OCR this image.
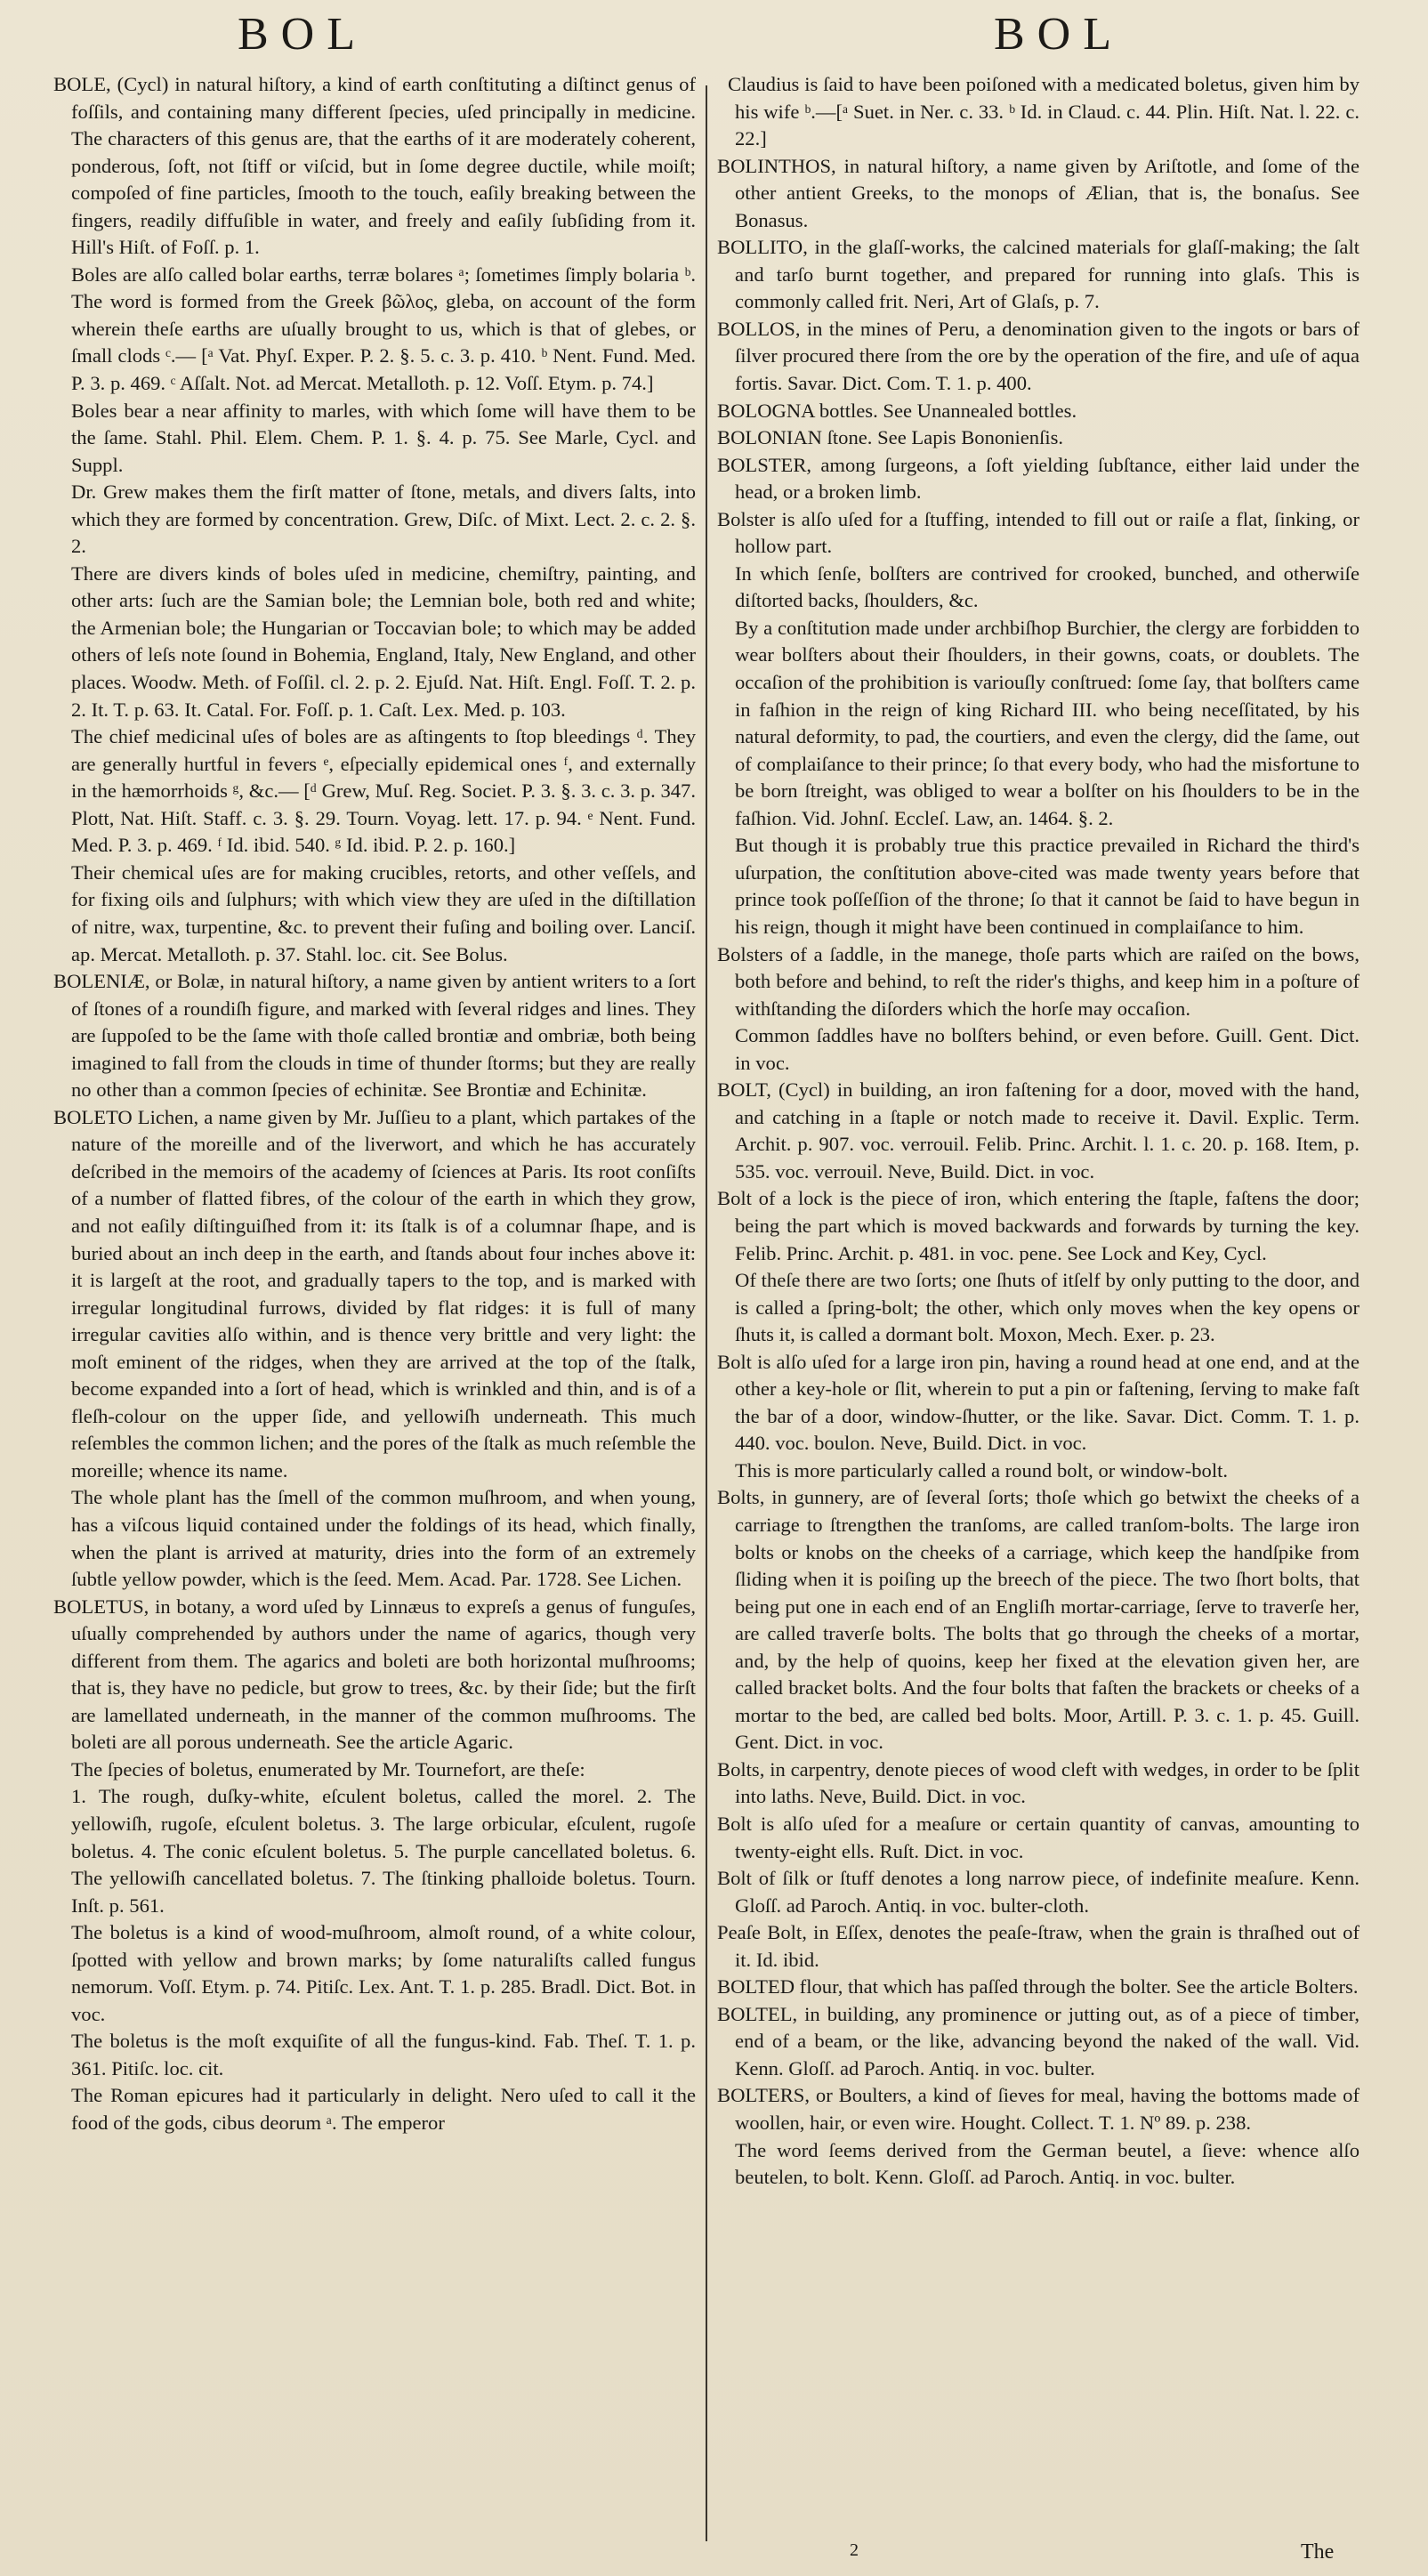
BOL	BOL

BOLE, (Cycl) in natural hiſtory, a kind of earth conſtituting a diſtinct genus of foſſils, and containing many different ſpecies, uſed principally in medicine. The characters of this genus are, that the earths of it are moderately coherent, ponderous, ſoft, not ſtiff or viſcid, but in ſome degree ductile, while moiſt; compoſed of fine particles, ſmooth to the touch, eaſily breaking between the fingers, readily diffuſible in water, and freely and eaſily ſubſiding from it. Hill's Hiſt. of Foſſ. p. 1.

Boles are alſo called bolar earths, terræ bolares ᵃ; ſometimes ſimply bolaria ᵇ. The word is formed from the Greek βῶλος, gleba, on account of the form wherein theſe earths are uſually brought to us, which is that of glebes, or ſmall clods ᶜ.— [ᵃ Vat. Phyſ. Exper. P. 2. §. 5. c. 3. p. 410. ᵇ Nent. Fund. Med. P. 3. p. 469. ᶜ Aſſalt. Not. ad Mercat. Metalloth. p. 12. Voſſ. Etym. p. 74.]

Boles bear a near affinity to marles, with which ſome will have them to be the ſame. Stahl. Phil. Elem. Chem. P. 1. §. 4. p. 75. See Marle, Cycl. and Suppl.

Dr. Grew makes them the firſt matter of ſtone, metals, and divers ſalts, into which they are formed by concentration. Grew, Diſc. of Mixt. Lect. 2. c. 2. §. 2.

There are divers kinds of boles uſed in medicine, chemiſtry, painting, and other arts: ſuch are the Samian bole; the Lemnian bole, both red and white; the Armenian bole; the Hungarian or Toccavian bole; to which may be added others of leſs note ſound in Bohemia, England, Italy, New England, and other places. Woodw. Meth. of Foſſil. cl. 2. p. 2. Ejuſd. Nat. Hiſt. Engl. Foſſ. T. 2. p. 2. It. T. p. 63. It. Catal. For. Foſſ. p. 1. Caſt. Lex. Med. p. 103.

The chief medicinal uſes of boles are as aſtingents to ſtop bleedings ᵈ. They are generally hurtful in fevers ᵉ, eſpecially epidemical ones ᶠ, and externally in the hæmorrhoids ᵍ, &c.— [ᵈ Grew, Muſ. Reg. Societ. P. 3. §. 3. c. 3. p. 347. Plott, Nat. Hiſt. Staff. c. 3. §. 29. Tourn. Voyag. lett. 17. p. 94. ᵉ Nent. Fund. Med. P. 3. p. 469. ᶠ Id. ibid. 540. ᵍ Id. ibid. P. 2. p. 160.]

Their chemical uſes are for making crucibles, retorts, and other veſſels, and for fixing oils and ſulphurs; with which view they are uſed in the diſtillation of nitre, wax, turpentine, &c. to prevent their fuſing and boiling over. Lanciſ. ap. Mercat. Metalloth. p. 37. Stahl. loc. cit. See Bolus.

BOLENIÆ, or Bolæ, in natural hiſtory, a name given by antient writers to a ſort of ſtones of a roundiſh figure, and marked with ſeveral ridges and lines. They are ſuppoſed to be the ſame with thoſe called brontiæ and ombriæ, both being imagined to fall from the clouds in time of thunder ſtorms; but they are really no other than a common ſpecies of echinitæ. See Brontiæ and Echinitæ.

BOLETO Lichen, a name given by Mr. Juſſieu to a plant, which partakes of the nature of the moreille and of the liverwort, and which he has accurately deſcribed in the memoirs of the academy of ſciences at Paris. Its root conſiſts of a number of flatted fibres, of the colour of the earth in which they grow, and not eaſily diſtinguiſhed from it: its ſtalk is of a columnar ſhape, and is buried about an inch deep in the earth, and ſtands about four inches above it: it is largeſt at the root, and gradually tapers to the top, and is marked with irregular longitudinal furrows, divided by flat ridges: it is full of many irregular cavities alſo within, and is thence very brittle and very light: the moſt eminent of the ridges, when they are arrived at the top of the ſtalk, become expanded into a ſort of head, which is wrinkled and thin, and is of a fleſh-colour on the upper ſide, and yellowiſh underneath. This much reſembles the common lichen; and the pores of the ſtalk as much reſemble the moreille; whence its name.

The whole plant has the ſmell of the common muſhroom, and when young, has a viſcous liquid contained under the foldings of its head, which finally, when the plant is arrived at maturity, dries into the form of an extremely ſubtle yellow powder, which is the ſeed. Mem. Acad. Par. 1728. See Lichen.

BOLETUS, in botany, a word uſed by Linnæus to expreſs a genus of funguſes, uſually comprehended by authors under the name of agarics, though very different from them. The agarics and boleti are both horizontal muſhrooms; that is, they have no pedicle, but grow to trees, &c. by their ſide; but the firſt are lamellated underneath, in the manner of the common muſhrooms. The boleti are all porous underneath. See the article Agaric.

The ſpecies of boletus, enumerated by Mr. Tournefort, are theſe:

1. The rough, duſky-white, eſculent boletus, called the morel. 2. The yellowiſh, rugoſe, eſculent boletus. 3. The large orbicular, eſculent, rugoſe boletus. 4. The conic eſculent boletus. 5. The purple cancellated boletus. 6. The yellowiſh cancellated boletus. 7. The ſtinking phalloide boletus. Tourn. Inſt. p. 561.

The boletus is a kind of wood-muſhroom, almoſt round, of a white colour, ſpotted with yellow and brown marks; by ſome naturaliſts called fungus nemorum. Voſſ. Etym. p. 74. Pitiſc. Lex. Ant. T. 1. p. 285. Bradl. Dict. Bot. in voc.

The boletus is the moſt exquiſite of all the fungus-kind. Fab. Theſ. T. 1. p. 361. Pitiſc. loc. cit.

The Roman epicures had it particularly in delight. Nero uſed to call it the food of the gods, cibus deorum ᵃ. The emperor

Claudius is ſaid to have been poiſoned with a medicated boletus, given him by his wife ᵇ.—[ᵃ Suet. in Ner. c. 33. ᵇ Id. in Claud. c. 44. Plin. Hiſt. Nat. l. 22. c. 22.]

BOLINTHOS, in natural hiſtory, a name given by Ariſtotle, and ſome of the other antient Greeks, to the monops of Ælian, that is, the bonaſus. See Bonasus.

BOLLITO, in the glaſſ-works, the calcined materials for glaſſ-making; the ſalt and tarſo burnt together, and prepared for running into glaſs. This is commonly called frit. Neri, Art of Glaſs, p. 7.

BOLLOS, in the mines of Peru, a denomination given to the ingots or bars of ſilver procured there ſrom the ore by the operation of the fire, and uſe of aqua fortis. Savar. Dict. Com. T. 1. p. 400.

BOLOGNA bottles. See Unannealed bottles.

BOLONIAN ſtone. See Lapis Bononienſis.

BOLSTER, among ſurgeons, a ſoft yielding ſubſtance, either laid under the head, or a broken limb.

Bolster is alſo uſed for a ſtuffing, intended to fill out or raiſe a flat, ſinking, or hollow part.

In which ſenſe, bolſters are contrived for crooked, bunched, and otherwiſe diſtorted backs, ſhoulders, &c.

By a conſtitution made under archbiſhop Burchier, the clergy are forbidden to wear bolſters about their ſhoulders, in their gowns, coats, or doublets. The occaſion of the prohibition is variouſly conſtrued: ſome ſay, that bolſters came in faſhion in the reign of king Richard III. who being neceſſitated, by his natural deformity, to pad, the courtiers, and even the clergy, did the ſame, out of complaiſance to their prince; ſo that every body, who had the misfortune to be born ſtreight, was obliged to wear a bolſter on his ſhoulders to be in the faſhion. Vid. Johnſ. Eccleſ. Law, an. 1464. §. 2.

But though it is probably true this practice prevailed in Richard the third's uſurpation, the conſtitution above-cited was made twenty years before that prince took poſſeſſion of the throne; ſo that it cannot be ſaid to have begun in his reign, though it might have been continued in complaiſance to him.

Bolsters of a ſaddle, in the manege, thoſe parts which are raiſed on the bows, both before and behind, to reſt the rider's thighs, and keep him in a poſture of withſtanding the diſorders which the horſe may occaſion.

Common ſaddles have no bolſters behind, or even before. Guill. Gent. Dict. in voc.

BOLT, (Cycl) in building, an iron faſtening for a door, moved with the hand, and catching in a ſtaple or notch made to receive it. Davil. Explic. Term. Archit. p. 907. voc. verrouil. Felib. Princ. Archit. l. 1. c. 20. p. 168. Item, p. 535. voc. verrouil. Neve, Build. Dict. in voc.

Bolt of a lock is the piece of iron, which entering the ſtaple, faſtens the door; being the part which is moved backwards and forwards by turning the key. Felib. Princ. Archit. p. 481. in voc. pene. See Lock and Key, Cycl.

Of theſe there are two ſorts; one ſhuts of itſelf by only putting to the door, and is called a ſpring-bolt; the other, which only moves when the key opens or ſhuts it, is called a dormant bolt. Moxon, Mech. Exer. p. 23.

Bolt is alſo uſed for a large iron pin, having a round head at one end, and at the other a key-hole or ſlit, wherein to put a pin or faſtening, ſerving to make faſt the bar of a door, window-ſhutter, or the like. Savar. Dict. Comm. T. 1. p. 440. voc. boulon. Neve, Build. Dict. in voc.

This is more particularly called a round bolt, or window-bolt.

Bolts, in gunnery, are of ſeveral ſorts; thoſe which go betwixt the cheeks of a carriage to ſtrengthen the tranſoms, are called tranſom-bolts. The large iron bolts or knobs on the cheeks of a carriage, which keep the handſpike from ſliding when it is poiſing up the breech of the piece. The two ſhort bolts, that being put one in each end of an Engliſh mortar-carriage, ſerve to traverſe her, are called traverſe bolts. The bolts that go through the cheeks of a mortar, and, by the help of quoins, keep her fixed at the elevation given her, are called bracket bolts. And the four bolts that faſten the brackets or cheeks of a mortar to the bed, are called bed bolts. Moor, Artill. P. 3. c. 1. p. 45. Guill. Gent. Dict. in voc.

Bolts, in carpentry, denote pieces of wood cleft with wedges, in order to be ſplit into laths. Neve, Build. Dict. in voc.

Bolt is alſo uſed for a meaſure or certain quantity of canvas, amounting to twenty-eight ells. Ruſt. Dict. in voc.

Bolt of ſilk or ſtuff denotes a long narrow piece, of indefinite meaſure. Kenn. Gloſſ. ad Paroch. Antiq. in voc. bulter-cloth.

Peaſe Bolt, in Eſſex, denotes the peaſe-ſtraw, when the grain is thraſhed out of it. Id. ibid.

BOLTED flour, that which has paſſed through the bolter. See the article Bolters.

BOLTEL, in building, any prominence or jutting out, as of a piece of timber, end of a beam, or the like, advancing beyond the naked of the wall. Vid. Kenn. Gloſſ. ad Paroch. Antiq. in voc. bulter.

BOLTERS, or Boulters, a kind of ſieves for meal, having the bottoms made of woollen, hair, or even wire. Hought. Collect. T. 1. Nº 89. p. 238.

The word ſeems derived from the German beutel, a ſieve: whence alſo beutelen, to bolt. Kenn. Gloſſ. ad Paroch. Antiq. in voc. bulter.

2	The
